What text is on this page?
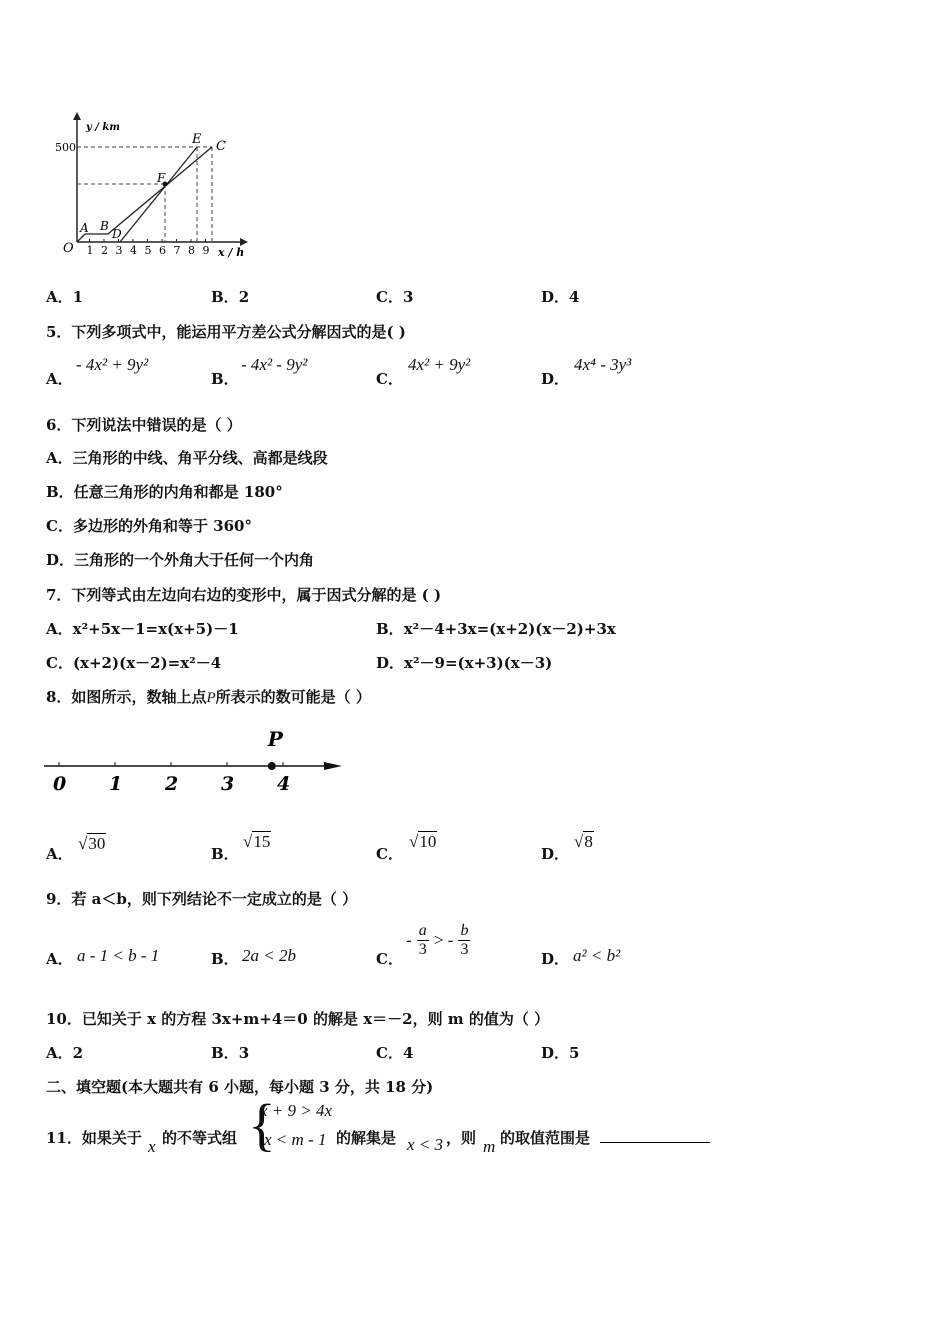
y / km
500
O 1 2 3 4 5 6 7 8 9 x / h
A B
D
F
E C
A．1	B．2	C．3	D．4
5．下列多项式中，能运用平方差公式分解因式的是( )
A．
- 4x² + 9y²
B．
- 4x² - 9y²
C．
4x² + 9y²
D．
4x⁴ - 3y³
6．下列说法中错误的是（ ）
A．三角形的中线、角平分线、高都是线段
B．任意三角形的内角和都是 180°
C．多边形的外角和等于 360°
D．三角形的一个外角大于任何一个内角
7．下列等式由左边向右边的变形中，属于因式分解的是 ( )
A．x²+5x－1=x(x+5)－1	B．x²－4+3x=(x+2)(x－2)+3x
C．(x+2)(x－2)=x²－4	D．x²－9=(x+3)(x－3)
8．如图所示，数轴上点P所表示的数可能是（ ）
0 1 2 3 4
P
A．
√30
B．
√15
C．
√10
D．
√8
9．若 a＜b，则下列结论不一定成立的是（ ）
A． a - 1 < b - 1	B． 2a < 2b	C．
- $\frac{a}{3}$ > - $\frac{b}{3}$	D． a² < b²
10．已知关于 x 的方程 3x+m+4＝0 的解是 x＝－2，则 m 的值为（ ）
A．2	B．3	C．4	D．5
二、填空题(本大题共有 6 小题，每小题 3 分，共 18 分)
11．如果关于 x 的不等式组 {
x + 9 > 4x
x < m - 1 的解集是 x < 3 ，则 m 的取值范围是
